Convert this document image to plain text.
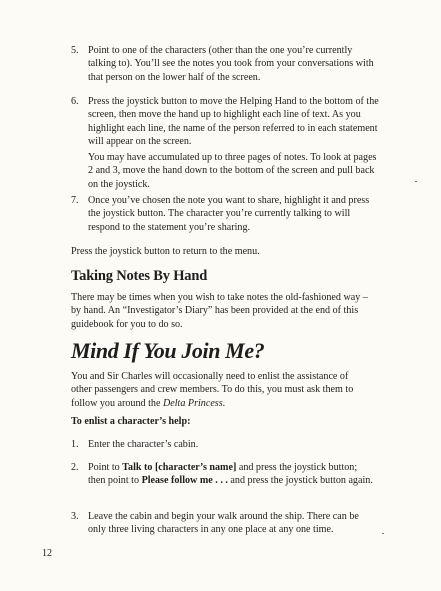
5. Point to one of the characters (other than the one you’re currently talking to). You’ll see the notes you took from your conversations with that person on the lower half of the screen.

6. Press the joystick button to move the Helping Hand to the bottom of the screen, then move the hand up to highlight each line of text. As you highlight each line, the name of the person referred to in each statement will appear on the screen.

You may have accumulated up to three pages of notes. To look at pages 2 and 3, move the hand down to the bottom of the screen and pull back on the joystick.

7. Once you’ve chosen the note you want to share, highlight it and press the joystick button. The character you’re currently talking to will respond to the statement you’re sharing.

Press the joystick button to return to the menu.

Taking Notes By Hand

There may be times when you wish to take notes the old-fashioned way – by hand. An “Investigator’s Diary” has been provided at the end of this guidebook for you to do so.

Mind If You Join Me?

You and Sir Charles will occasionally need to enlist the assistance of other passengers and crew members. To do this, you must ask them to follow you around the Delta Princess.

To enlist a character’s help:

1. Enter the character’s cabin.

2. Point to Talk to [character’s name] and press the joystick button; then point to Please follow me . . . and press the joystick button again.

3. Leave the cabin and begin your walk around the ship. There can be only three living characters in any one place at any one time.

12
